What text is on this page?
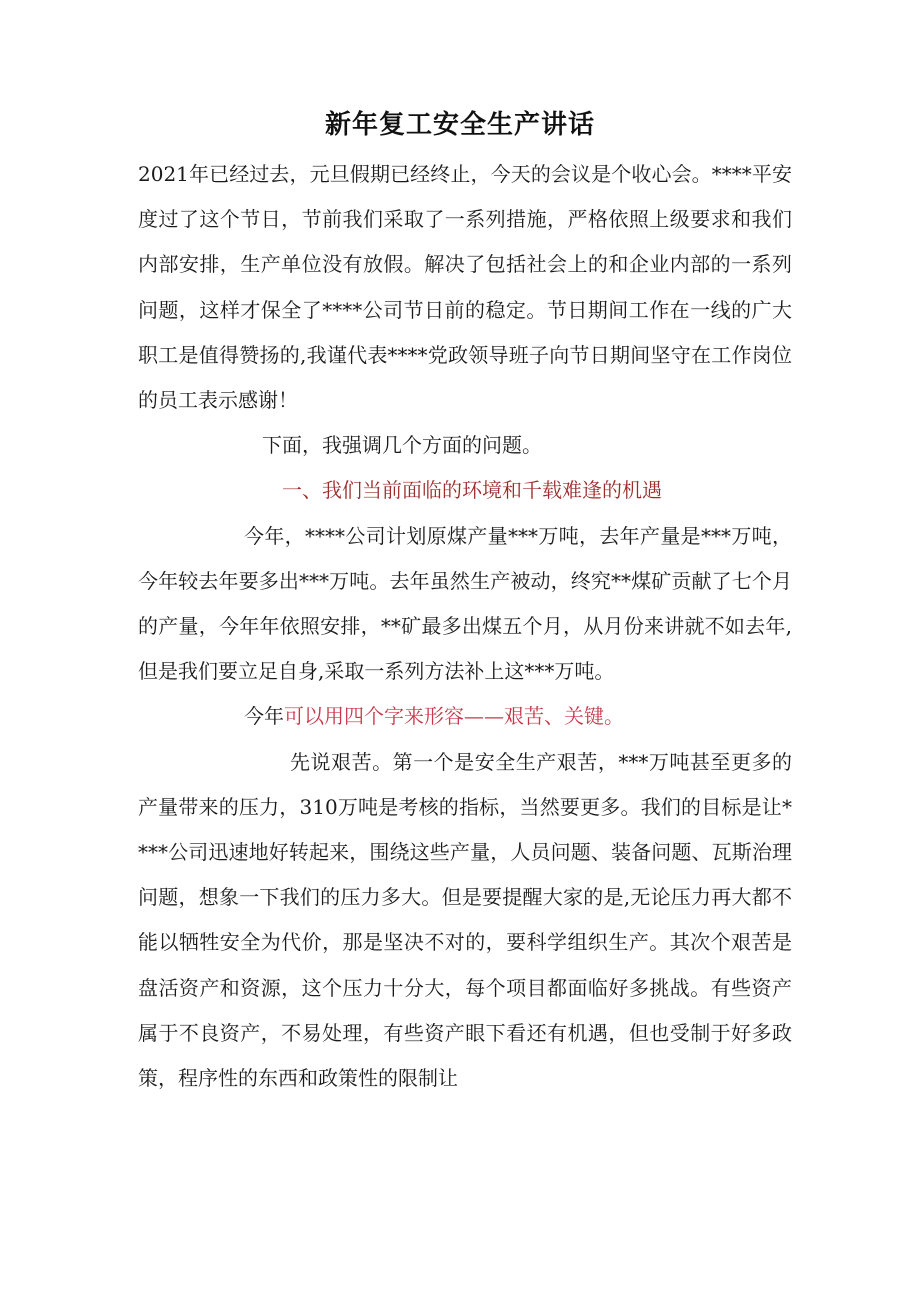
新年复工安全生产讲话

2021年已经过去，元旦假期已经终止，今天的会议是个收心会。****平安度过了这个节日，节前我们采取了一系列措施，严格依照上级要求和我们内部安排，生产单位没有放假。解决了包括社会上的和企业内部的一系列问题，这样才保全了****公司节日前的稳定。节日期间工作在一线的广大职工是值得赞扬的,我谨代表****党政领导班子向节日期间坚守在工作岗位的员工表示感谢！

下面，我强调几个方面的问题。

一、我们当前面临的环境和千载难逢的机遇

今年，****公司计划原煤产量***万吨，去年产量是***万吨，今年较去年要多出***万吨。去年虽然生产被动，终究**煤矿贡献了七个月的产量，今年年依照安排，**矿最多出煤五个月，从月份来讲就不如去年,但是我们要立足自身,采取一系列方法补上这***万吨。

今年可以用四个字来形容——艰苦、关键。

先说艰苦。第一个是安全生产艰苦，***万吨甚至更多的产量带来的压力，310万吨是考核的指标，当然要更多。我们的目标是让****公司迅速地好转起来，围绕这些产量，人员问题、装备问题、瓦斯治理问题，想象一下我们的压力多大。但是要提醒大家的是,无论压力再大都不能以牺牲安全为代价，那是坚决不对的，要科学组织生产。其次个艰苦是盘活资产和资源，这个压力十分大，每个项目都面临好多挑战。有些资产属于不良资产，不易处理，有些资产眼下看还有机遇，但也受制于好多政策，程序性的东西和政策性的限制让
